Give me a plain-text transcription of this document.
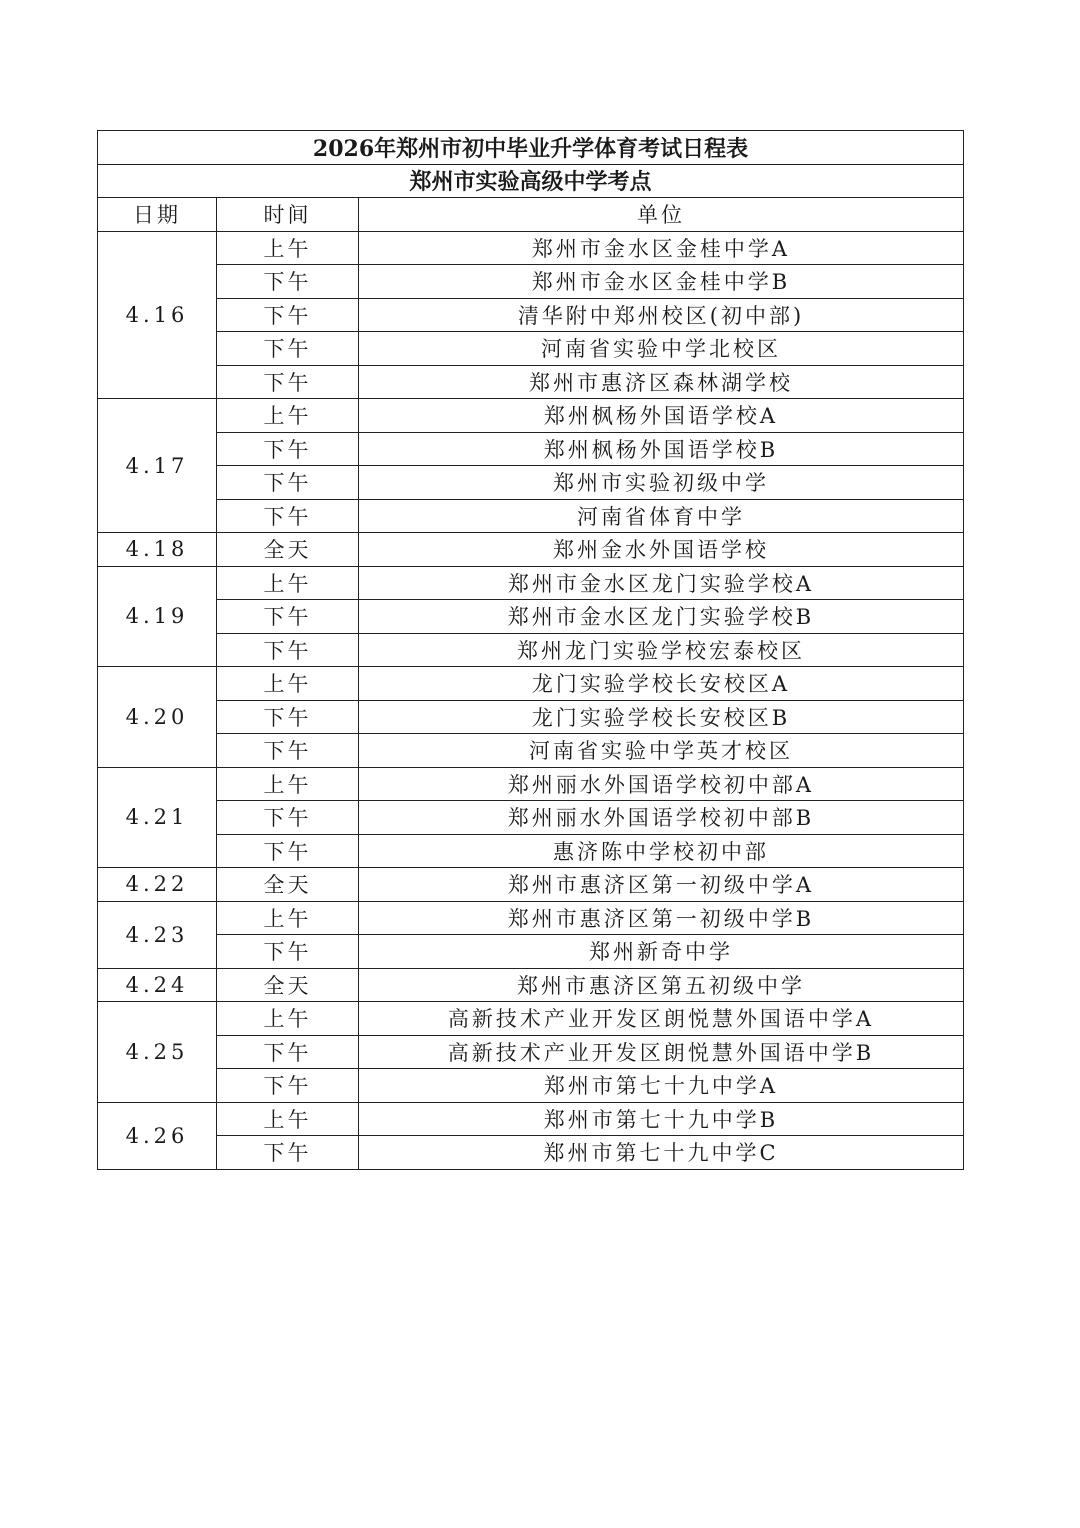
2026年郑州市初中毕业升学体育考试日程表		
郑州市实验高级中学考点		
日期	时间	单位
4.16	上午	郑州市金水区金桂中学A
	下午	郑州市金水区金桂中学B
	下午	清华附中郑州校区(初中部)
	下午	河南省实验中学北校区
	下午	郑州市惠济区森林湖学校
4.17	上午	郑州枫杨外国语学校A
	下午	郑州枫杨外国语学校B
	下午	郑州市实验初级中学
	下午	河南省体育中学
4.18	全天	郑州金水外国语学校
4.19	上午	郑州市金水区龙门实验学校A
	下午	郑州市金水区龙门实验学校B
	下午	郑州龙门实验学校宏泰校区
4.20	上午	龙门实验学校长安校区A
	下午	龙门实验学校长安校区B
	下午	河南省实验中学英才校区
4.21	上午	郑州丽水外国语学校初中部A
	下午	郑州丽水外国语学校初中部B
	下午	惠济陈中学校初中部
4.22	全天	郑州市惠济区第一初级中学A
4.23	上午	郑州市惠济区第一初级中学B
	下午	郑州新奇中学
4.24	全天	郑州市惠济区第五初级中学
4.25	上午	高新技术产业开发区朗悦慧外国语中学A
	下午	高新技术产业开发区朗悦慧外国语中学B
	下午	郑州市第七十九中学A
4.26	上午	郑州市第七十九中学B
	下午	郑州市第七十九中学C
